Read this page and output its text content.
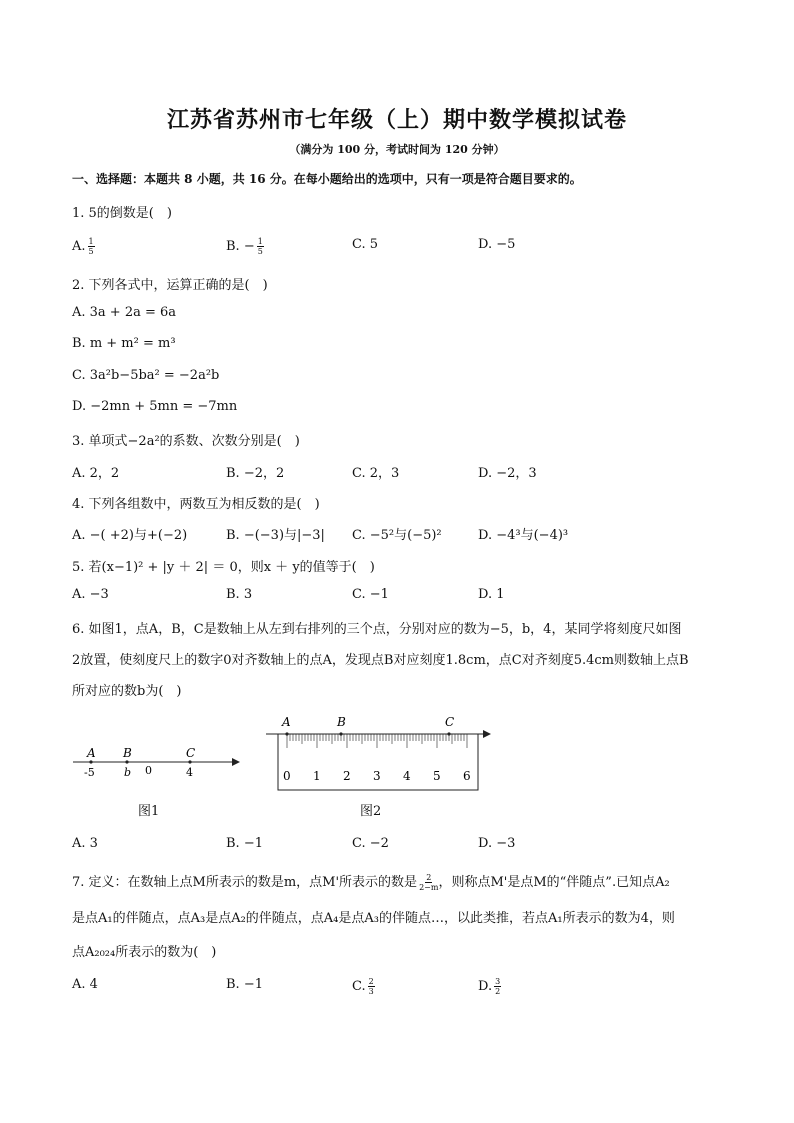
江苏省苏州市七年级（上）期中数学模拟试卷
（满分为 100 分，考试时间为 120 分钟）
一、选择题：本题共 8 小题，共 16 分。在每小题给出的选项中，只有一项是符合题目要求的。
1. 5的倒数是(　)
A. $\frac{1}{5}$	B. − $\frac{1}{5}$	C. 5	D. −5
2. 下列各式中，运算正确的是(　)
A. 3a + 2a = 6a
B. m + m² = m³
C. 3a²b−5ba² = −2a²b
D. −2mn + 5mn = −7mn
3. 单项式−2a²的系数、次数分别是(　)
A. 2，2	B. −2，2	C. 2，3	D. −2，3
4. 下列各组数中，两数互为相反数的是(　)
A. −( +2)与+(−2)	B. −(−3)与|−3| C. −5²与(−5)²	D. −4³与(−4)³
5. 若(x−1)² + |y ＋ 2| ＝ 0，则x ＋ y的值等于(　)
A. −3	B. 3	C. −1	D. 1
6. 如图1，点A，B，C是数轴上从左到右排列的三个点，分别对应的数为−5，b，4，某同学将刻度尺如图
2放置，使刻度尺上的数字0对齐数轴上的点A，发现点B对应刻度1.8cm，点C对齐刻度5.4cm则数轴上点B
所对应的数b为(　)
A B	C
-5	b 0	4
图1
A	B	C
0 1 2 3 4 5 6
图2
A. 3	B. −1	C. −2	D. −3
7. 定义：在数轴上点M所表示的数是m，点M'所表示的数是 $\frac{2}{2-m}$ ，则称点M'是点M的“伴随点”.已知点A₂
是点A₁的伴随点，点A₃是点A₂的伴随点，点A₄是点A₃的伴随点…，以此类推，若点A₁所表示的数为4，则
点A₂₀₂₄所表示的数为(　)
A. 4	B. −1	C. $\frac{2}{3}$	D. $\frac{3}{2}$
